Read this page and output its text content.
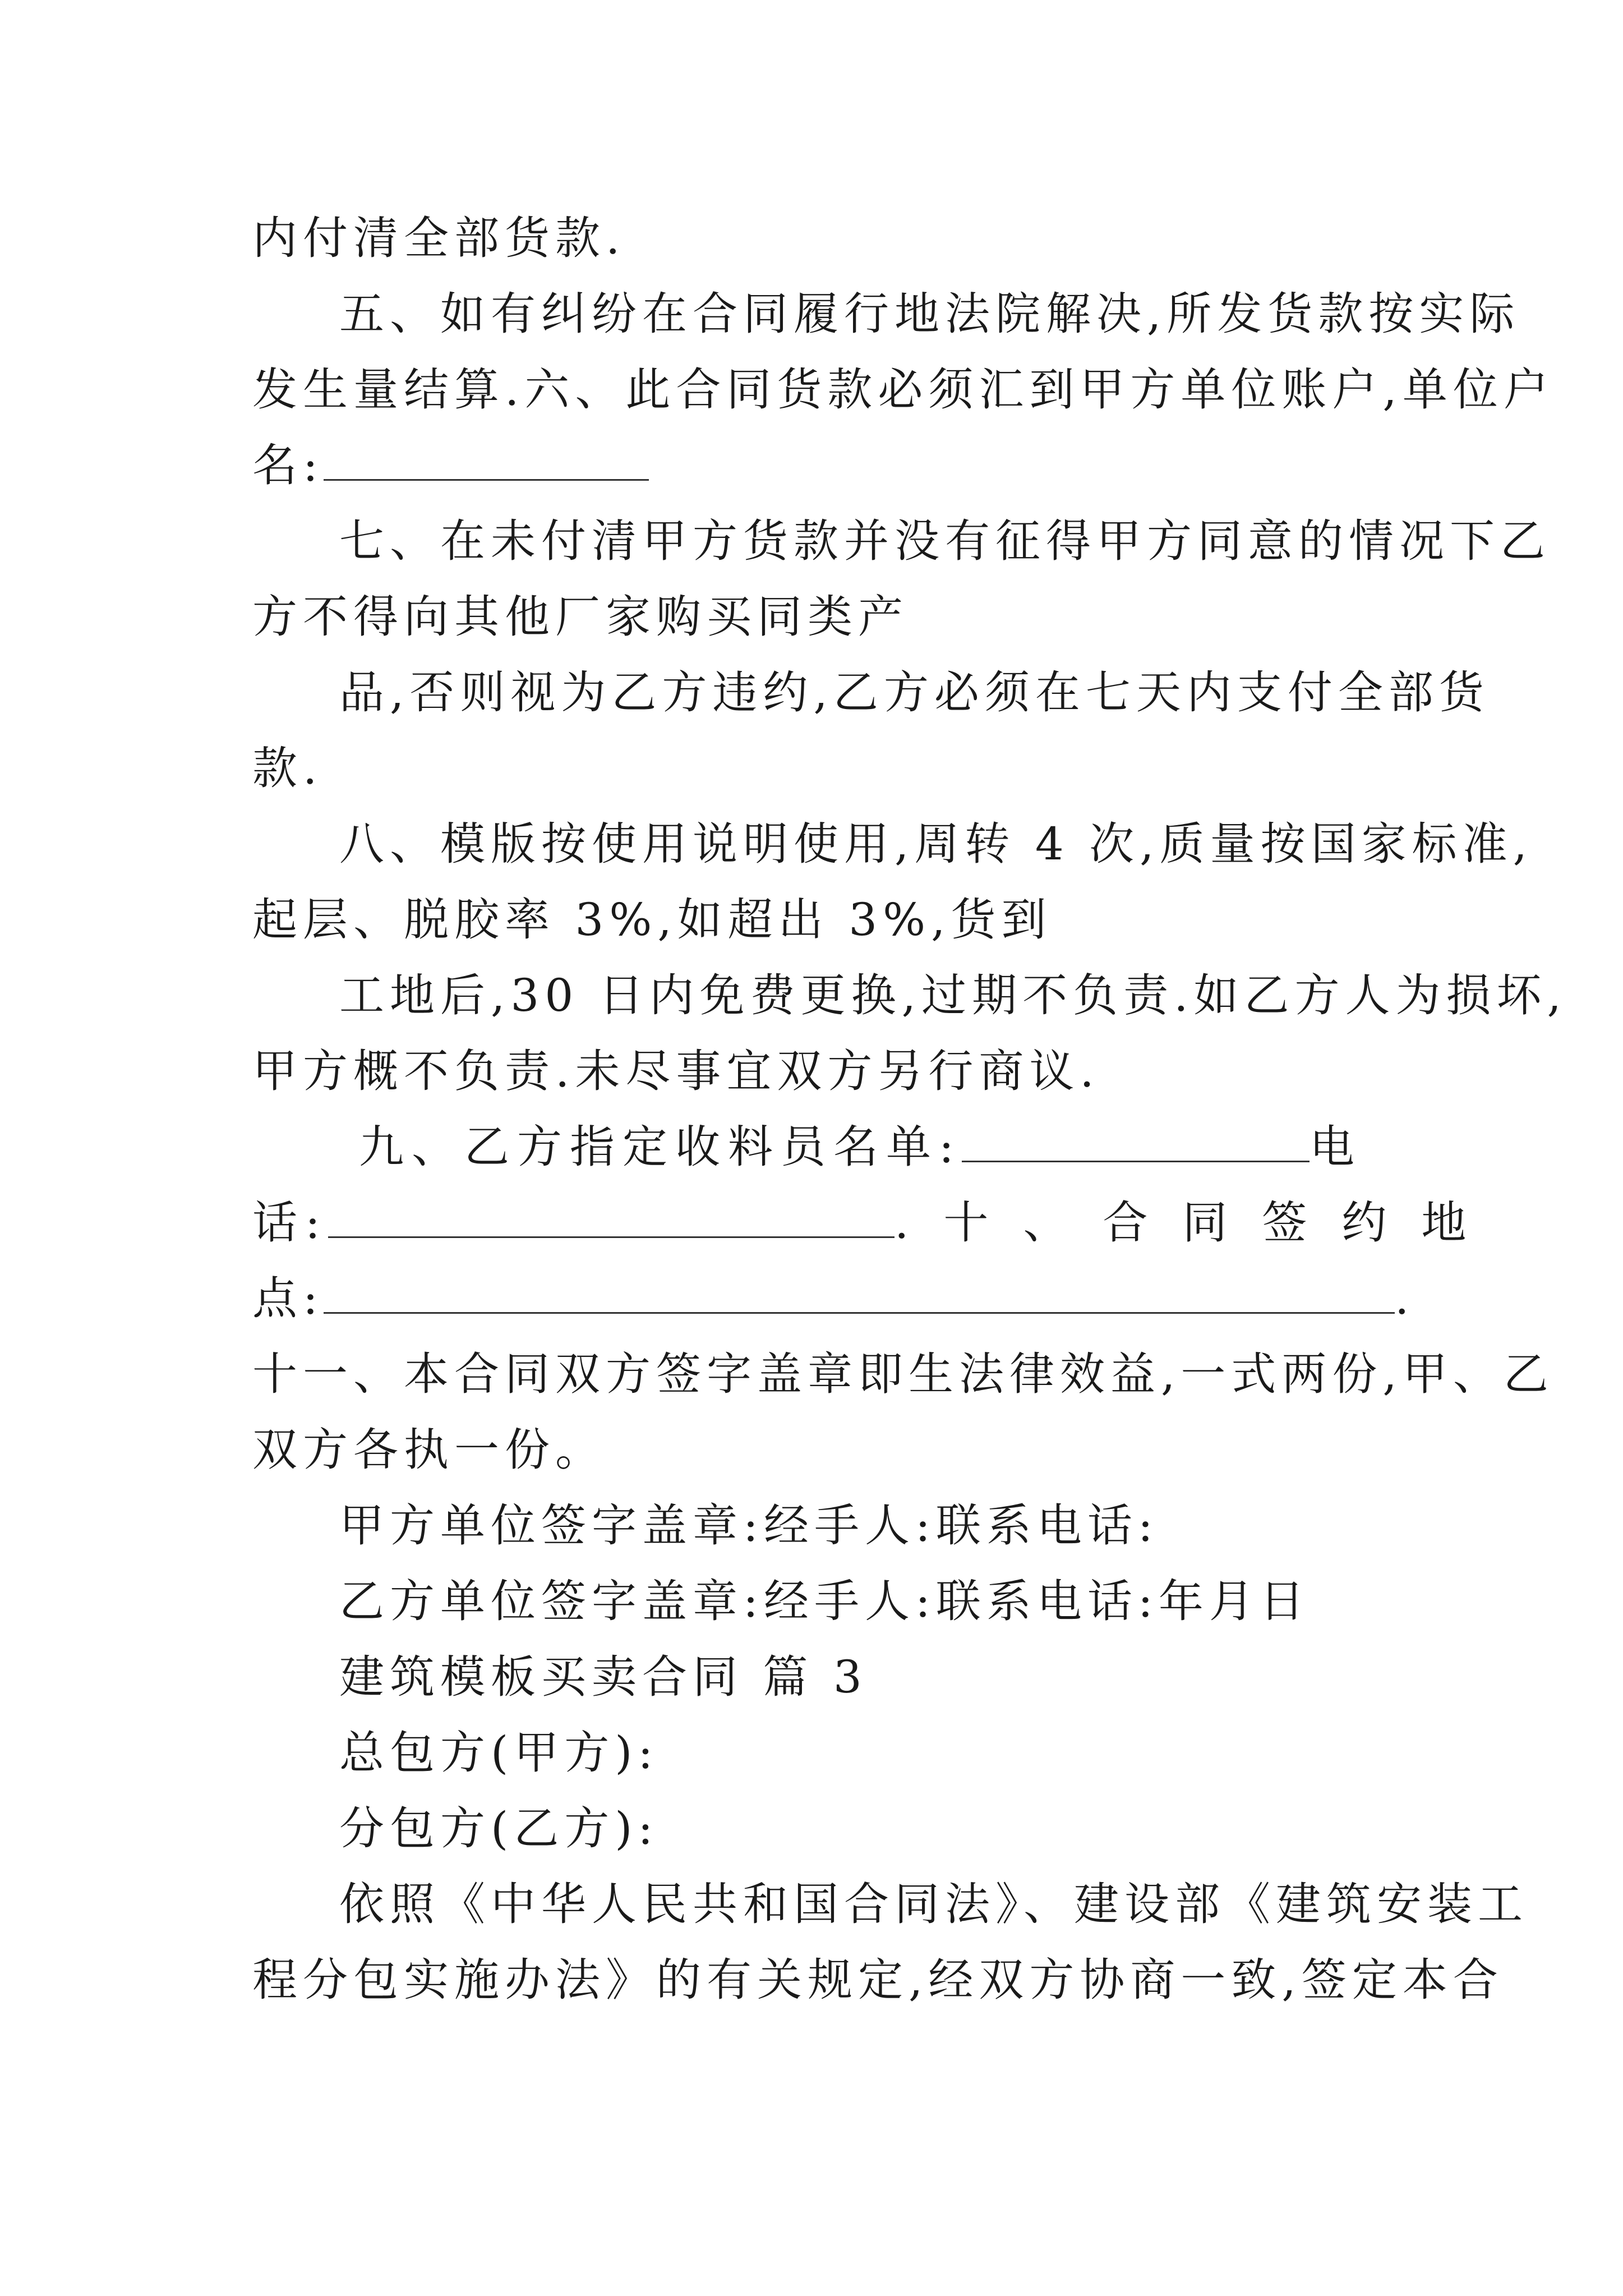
内付清全部货款.
五、如有纠纷在合同履行地法院解决,所发货款按实际
发生量结算.六、此合同货款必须汇到甲方单位账户,单位户
名:
七、在未付清甲方货款并没有征得甲方同意的情况下乙
方不得向其他厂家购买同类产
品,否则视为乙方违约,乙方必须在七天内支付全部货
款.
八、模版按使用说明使用,周转 4 次,质量按国家标准,
起层、脱胶率 3%,如超出 3%,货到
工地后,30 日内免费更换,过期不负责.如乙方人为损坏,
甲方概不负责.未尽事宜双方另行商议.
九、乙方指定收料员名单:	电
话:	.十、合同签约地
点:	.
十一、本合同双方签字盖章即生法律效益,一式两份,甲、乙
双方各执一份。
甲方单位签字盖章:经手人:联系电话:
乙方单位签字盖章:经手人:联系电话:年月日
建筑模板买卖合同 篇 3
总包方(甲方):
分包方(乙方):
依照《中华人民共和国合同法》、建设部《建筑安装工
程分包实施办法》的有关规定,经双方协商一致,签定本合
